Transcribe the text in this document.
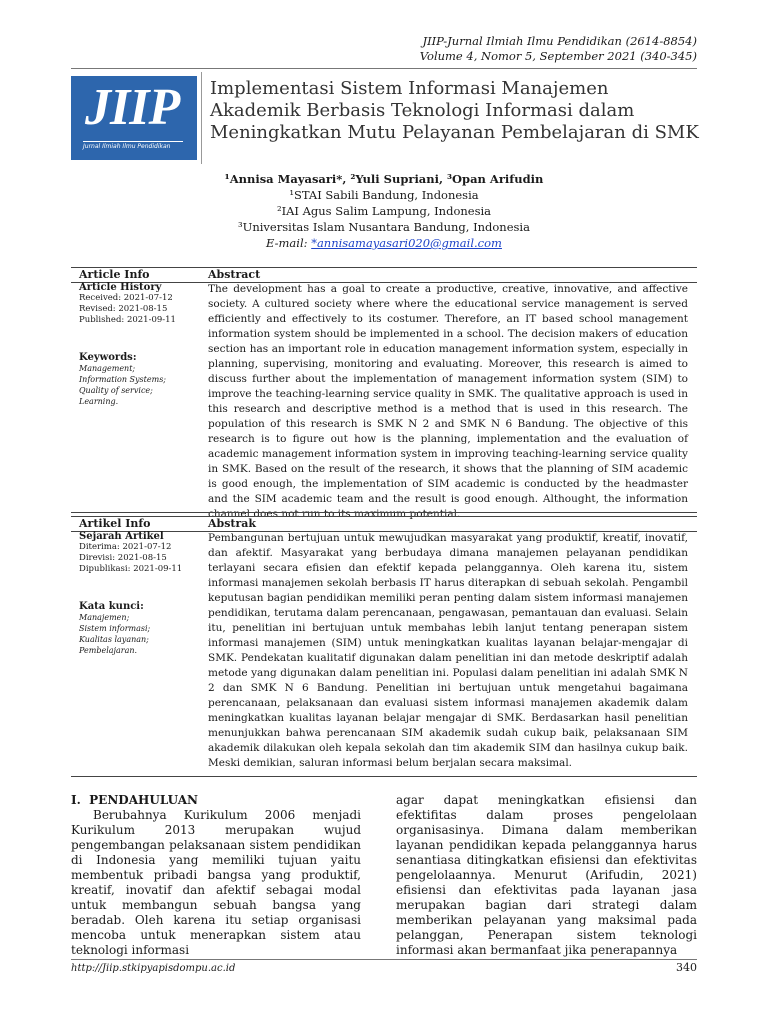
JIIP-Jurnal Ilmiah Ilmu Pendidikan (2614-8854)
Volume 4, Nomor 5, September 2021 (340-345)
JIIP
Jurnal Ilmiah Ilmu Pendidikan
Implementasi Sistem Informasi Manajemen Akademik Berbasis Teknologi Informasi dalam Meningkatkan Mutu Pelayanan Pembelajaran di SMK
¹Annisa Mayasari*, ²Yuli Supriani, ³Opan Arifudin
¹STAI Sabili Bandung, Indonesia
²IAI Agus Salim Lampung, Indonesia
³Universitas Islam Nusantara Bandung, Indonesia
E-mail: *annisamayasari020@gmail.com
Article Info	Abstract
Article History
Received: 2021-07-12
Revised: 2021-08-15
Published: 2021-09-11
Keywords:
Management;
Information Systems;
Quality of service;
Learning.
The development has a goal to create a productive, creative, innovative, and affective society. A cultured society where where the educational service management is served efficiently and effectively to its costumer. Therefore, an IT based school management information system should be implemented in a school. The decision makers of education section has an important role in education management information system, especially in planning, supervising, monitoring and evaluating. Moreover, this research is aimed to discuss further about the implementation of management information system (SIM) to improve the teaching-learning service quality in SMK. The qualitative approach is used in this research and descriptive method is a method that is used in this research. The population of this research is SMK N 2 and SMK N 6 Bandung. The objective of this research is to figure out how is the planning, implementation and the evaluation of academic management information system in improving teaching-learning service quality in SMK. Based on the result of the research, it shows that the planning of SIM academic is good enough, the implementation of SIM academic is conducted by the headmaster and the SIM academic team and the result is good enough. Althought, the information channel does not run to its maximum potential.
Artikel Info	Abstrak
Sejarah Artikel
Diterima: 2021-07-12
Direvisi: 2021-08-15
Dipublikasi: 2021-09-11
Kata kunci:
Manajemen;
Sistem informasi;
Kualitas layanan;
Pembelajaran.
Pembangunan bertujuan untuk mewujudkan masyarakat yang produktif, kreatif, inovatif, dan afektif. Masyarakat yang berbudaya dimana manajemen pelayanan pendidikan terlayani secara efisien dan efektif kepada pelanggannya. Oleh karena itu, sistem informasi manajemen sekolah berbasis IT harus diterapkan di sebuah sekolah. Pengambil keputusan bagian pendidikan memiliki peran penting dalam sistem informasi manajemen pendidikan, terutama dalam perencanaan, pengawasan, pemantauan dan evaluasi. Selain itu, penelitian ini bertujuan untuk membahas lebih lanjut tentang penerapan sistem informasi manajemen (SIM) untuk meningkatkan kualitas layanan belajar-mengajar di SMK. Pendekatan kualitatif digunakan dalam penelitian ini dan metode deskriptif adalah metode yang digunakan dalam penelitian ini. Populasi dalam penelitian ini adalah SMK N 2 dan SMK N 6 Bandung. Penelitian ini bertujuan untuk mengetahui bagaimana perencanaan, pelaksanaan dan evaluasi sistem informasi manajemen akademik dalam meningkatkan kualitas layanan belajar mengajar di SMK. Berdasarkan hasil penelitian menunjukkan bahwa perencanaan SIM akademik sudah cukup baik, pelaksanaan SIM akademik dilakukan oleh kepala sekolah dan tim akademik SIM dan hasilnya cukup baik. Meski demikian, saluran informasi belum berjalan secara maksimal.
I. PENDAHULUAN
Berubahnya Kurikulum 2006 menjadi Kurikulum 2013 merupakan wujud pengembangan pelaksanaan sistem pendidikan di Indonesia yang memiliki tujuan yaitu membentuk pribadi bangsa yang produktif, kreatif, inovatif dan afektif sebagai modal untuk membangun sebuah bangsa yang beradab. Oleh karena itu setiap organisasi mencoba untuk menerapkan sistem atau teknologi informasi
agar dapat meningkatkan efisiensi dan efektifitas dalam proses pengelolaan organisasinya. Dimana dalam memberikan layanan pendidikan kepada pelanggannya harus senantiasa ditingkatkan efisiensi dan efektivitas pengelolaannya. Menurut (Arifudin, 2021) efisiensi dan efektivitas pada layanan jasa merupakan bagian dari strategi dalam memberikan pelayanan yang maksimal pada pelanggan, Penerapan sistem teknologi informasi akan bermanfaat jika penerapannya
http://Jiip.stkipyapisdompu.ac.id	340
